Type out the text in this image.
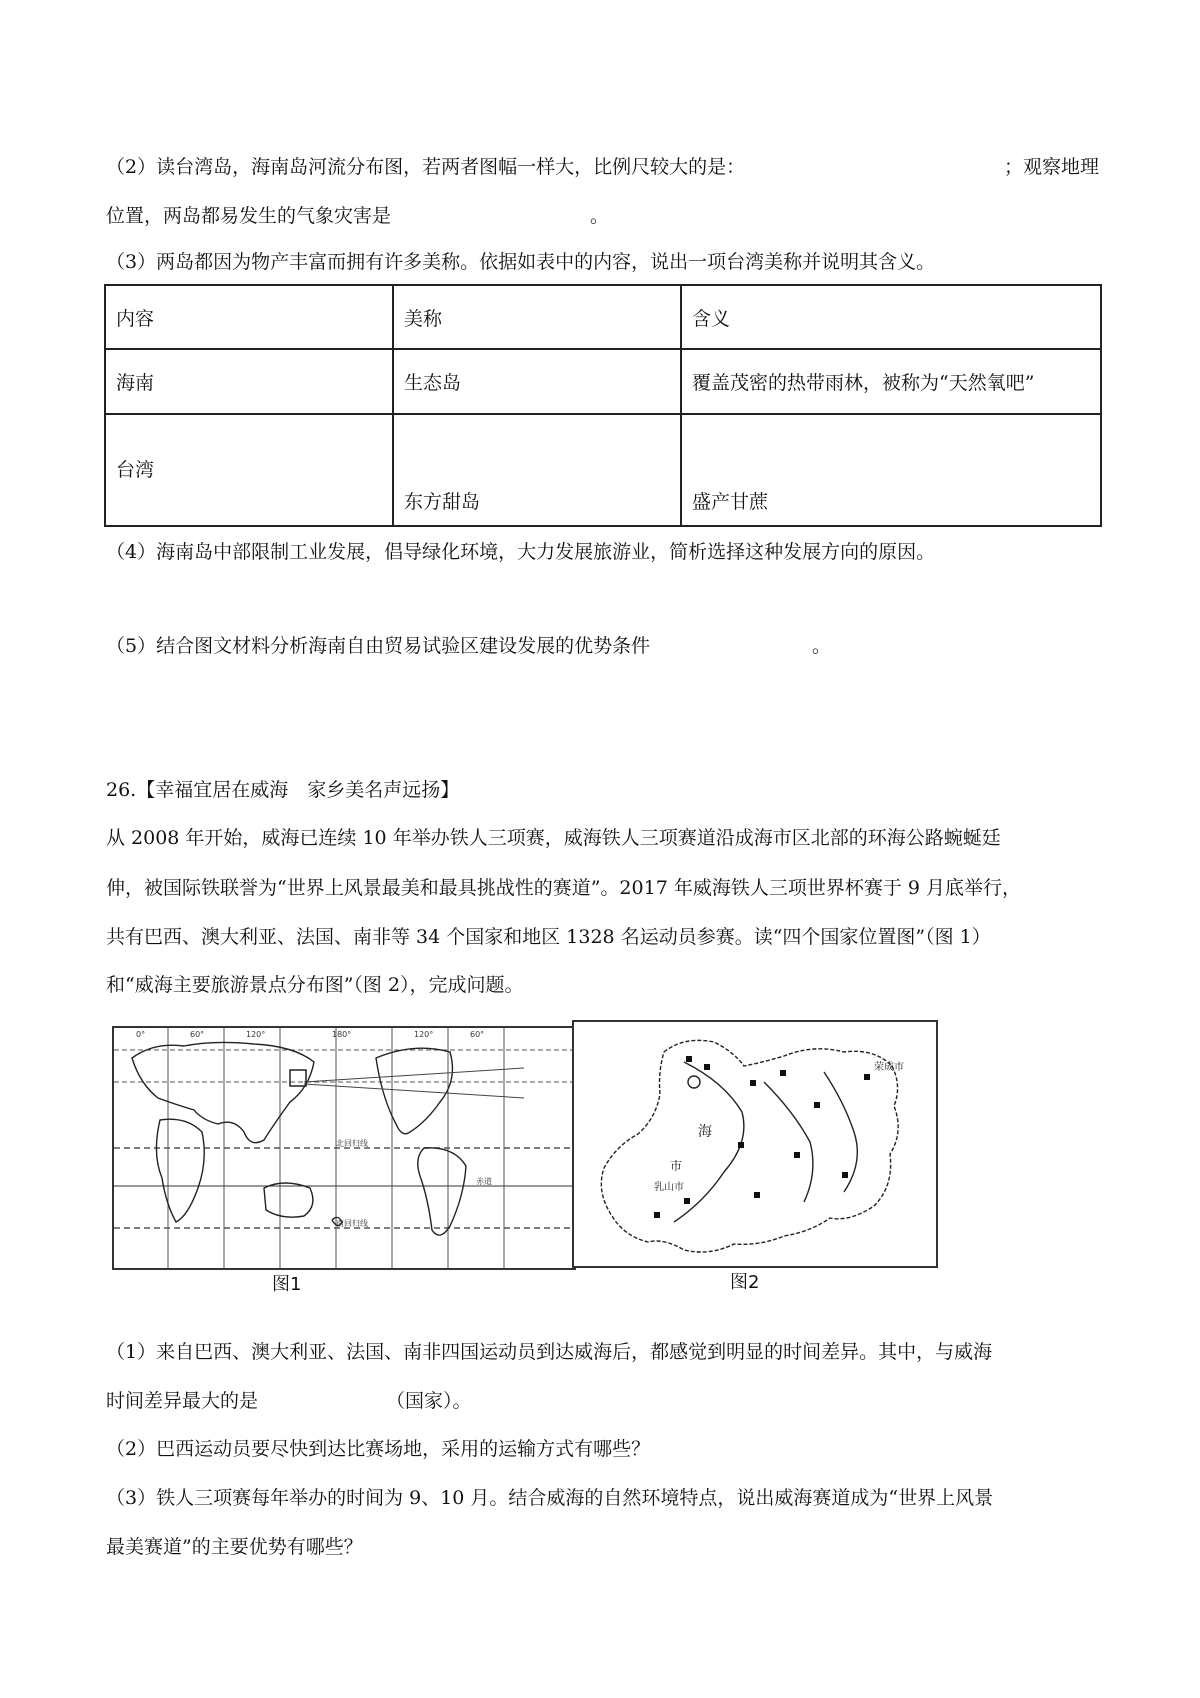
（2）读台湾岛，海南岛河流分布图，若两者图幅一样大，比例尺较大的是：	；观察地理
位置，两岛都易发生的气象灾害是	。
（3）两岛都因为物产丰富而拥有许多美称。依据如表中的内容，说出一项台湾美称并说明其含义。
内容	美称	含义
海南	生态岛	覆盖茂密的热带雨林，被称为“天然氧吧”

台湾	东方甜岛	盛产甘蔗
（4）海南岛中部限制工业发展，倡导绿化环境，大力发展旅游业，简析选择这种发展方向的原因。
（5）结合图文材料分析海南自由贸易试验区建设发展的优势条件	。
26.【幸福宜居在威海　家乡美名声远扬】
从 2008 年开始，威海已连续 10 年举办铁人三项赛，威海铁人三项赛道沿成海市区北部的环海公路蜿蜒廷
伸，被国际铁联誉为“世界上风景最美和最具挑战性的赛道”。2017 年威海铁人三项世界杯赛于 9 月底举行，
共有巴西、澳大利亚、法国、南非等 34 个国家和地区 1328 名运动员参赛。读“四个国家位置图”（图 1）
和“威海主要旅游景点分布图”（图 2），完成问题。
0°	60°	120°	180°	120°	60°
北回归线
赤道
南回归线
图1
海
市
荣成市
乳山市
图2
（1）来自巴西、澳大利亚、法国、南非四国运动员到达威海后，都感觉到明显的时间差异。其中，与威海
时间差异最大的是	（国家）。
（2）巴西运动员要尽快到达比赛场地，采用的运输方式有哪些？
（3）铁人三项赛每年举办的时间为 9、10 月。结合威海的自然环境特点，说出威海赛道成为“世界上风景
最美赛道”的主要优势有哪些？
